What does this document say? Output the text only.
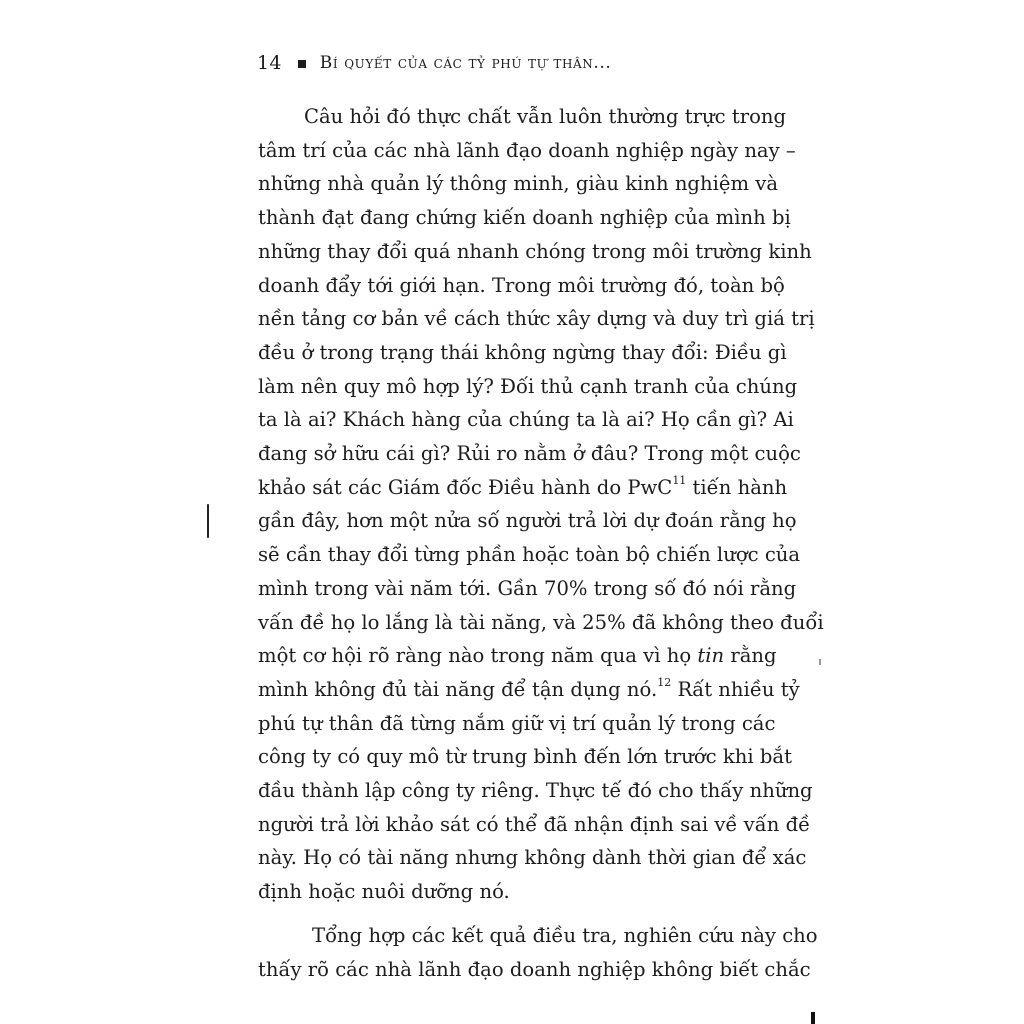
14 Bí quyết của các tỷ phú tự thân...
Câu hỏi đó thực chất vẫn luôn thường trực trong
tâm trí của các nhà lãnh đạo doanh nghiệp ngày nay –
những nhà quản lý thông minh, giàu kinh nghiệm và
thành đạt đang chứng kiến doanh nghiệp của mình bị
những thay đổi quá nhanh chóng trong môi trường kinh
doanh đẩy tới giới hạn. Trong môi trường đó, toàn bộ
nền tảng cơ bản về cách thức xây dựng và duy trì giá trị
đều ở trong trạng thái không ngừng thay đổi: Điều gì
làm nên quy mô hợp lý? Đối thủ cạnh tranh của chúng
ta là ai? Khách hàng của chúng ta là ai? Họ cần gì? Ai
đang sở hữu cái gì? Rủi ro nằm ở đâu? Trong một cuộc
khảo sát các Giám đốc Điều hành do PwC$^{11}$ tiến hành
gần đây, hơn một nửa số người trả lời dự đoán rằng họ
sẽ cần thay đổi từng phần hoặc toàn bộ chiến lược của
mình trong vài năm tới. Gần 70% trong số đó nói rằng
vấn đề họ lo lắng là tài năng, và 25% đã không theo đuổi
một cơ hội rõ ràng nào trong năm qua vì họ tin rằng
mình không đủ tài năng để tận dụng nó.$^{12}$ Rất nhiều tỷ
phú tự thân đã từng nắm giữ vị trí quản lý trong các
công ty có quy mô từ trung bình đến lớn trước khi bắt
đầu thành lập công ty riêng. Thực tế đó cho thấy những
người trả lời khảo sát có thể đã nhận định sai về vấn đề
này. Họ có tài năng nhưng không dành thời gian để xác
định hoặc nuôi dưỡng nó.
Tổng hợp các kết quả điều tra, nghiên cứu này cho
thấy rõ các nhà lãnh đạo doanh nghiệp không biết chắc
